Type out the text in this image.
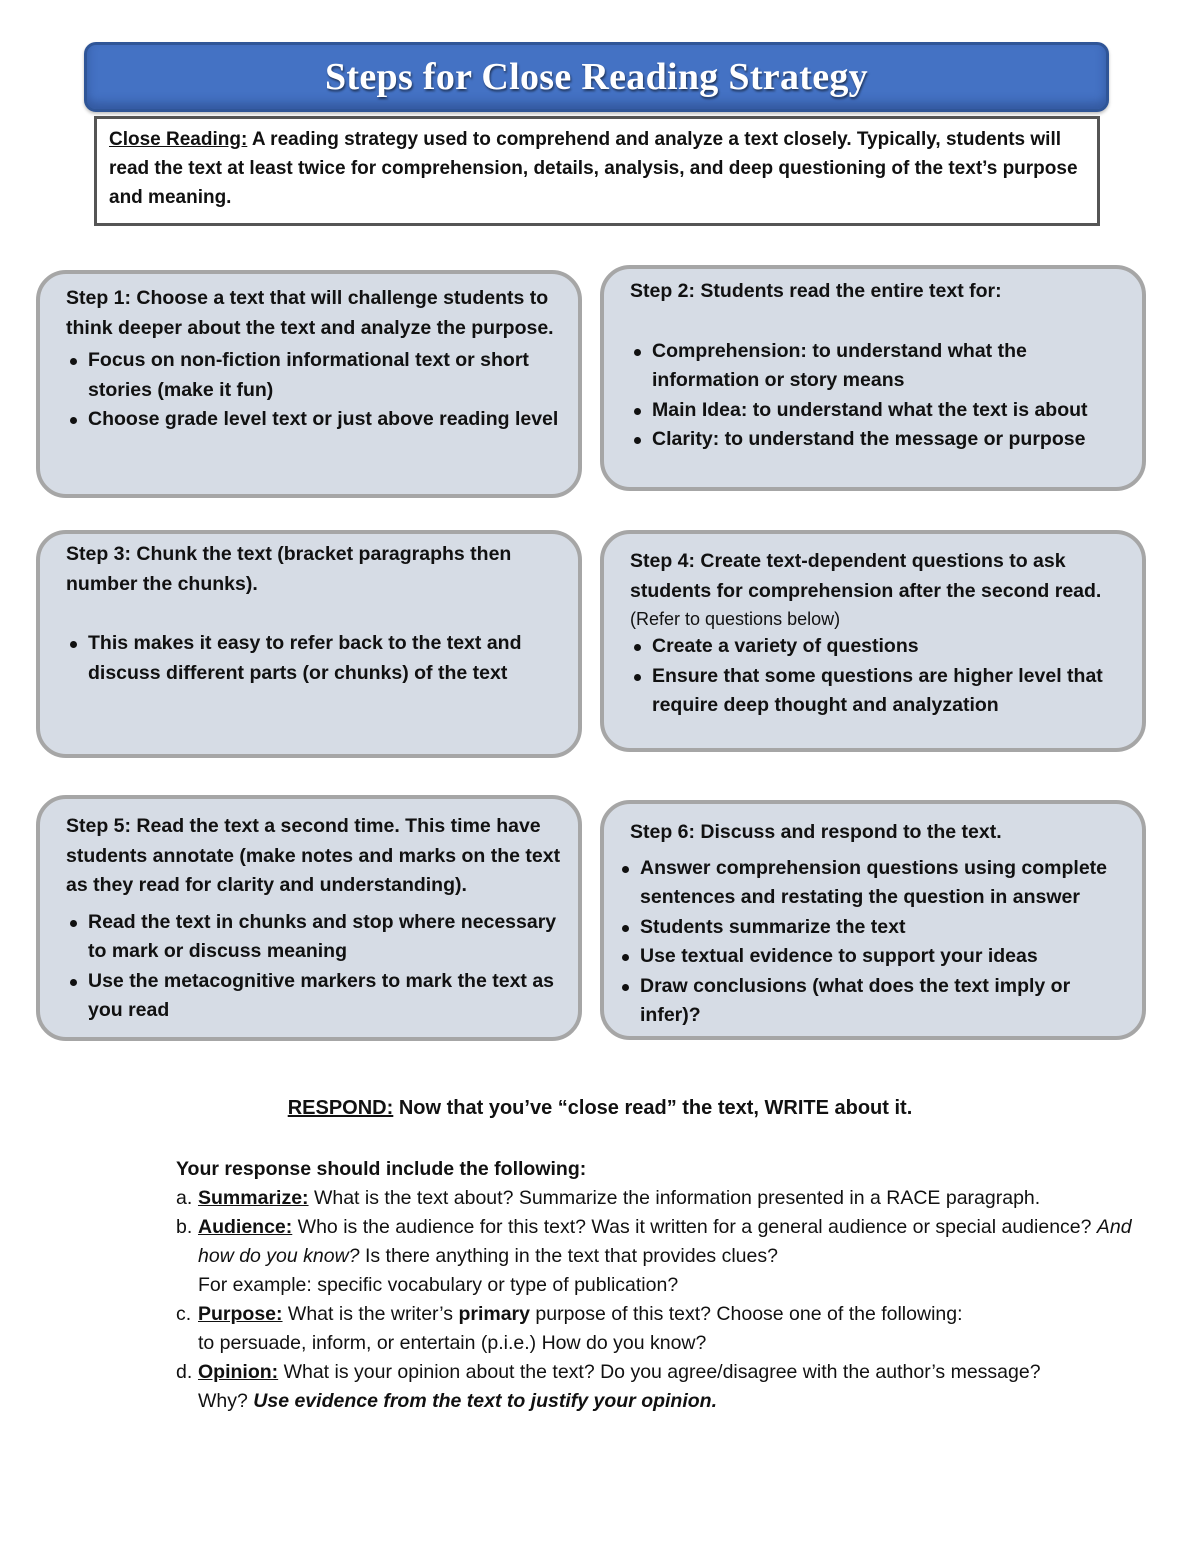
Steps for Close Reading Strategy
Close Reading: A reading strategy used to comprehend and analyze a text closely. Typically, students will read the text at least twice for comprehension, details, analysis, and deep questioning of the text’s purpose and meaning.

Step 1: Choose a text that will challenge students to think deeper about the text and analyze the purpose.

Focus on non-fiction informational text or short stories (make it fun)
Choose grade level text or just above reading level

Step 2: Students read the entire text for:

Comprehension: to understand what the information or story means
Main Idea: to understand what the text is about
Clarity: to understand the message or purpose

Step 3: Chunk the text (bracket paragraphs then number the chunks).

This makes it easy to refer back to the text and discuss different parts (or chunks) of the text

Step 4: Create text-dependent questions to ask students for comprehension after the second read.

(Refer to questions below)

Create a variety of questions
Ensure that some questions are higher level that require deep thought and analyzation

Step 5: Read the text a second time. This time have students annotate (make notes and marks on the text as they read for clarity and understanding).

Read the text in chunks and stop where necessary to mark or discuss meaning
Use the metacognitive markers to mark the text as you read

Step 6: Discuss and respond to the text.

Answer comprehension questions using complete sentences and restating the question in answer
Students summarize the text
Use textual evidence to support your ideas
Draw conclusions (what does the text imply or infer)?
RESPOND: Now that you’ve “close read” the text, WRITE about it.
Your response should include the following:
a. Summarize: What is the text about? Summarize the information presented in a RACE paragraph.
b. Audience: Who is the audience for this text? Was it written for a general audience or special audience? And how do you know? Is there anything in the text that provides clues?
For example: specific vocabulary or type of publication?
c. Purpose: What is the writer’s primary purpose of this text? Choose one of the following:
to persuade, inform, or entertain (p.i.e.) How do you know?
d. Opinion: What is your opinion about the text? Do you agree/disagree with the author’s message?
Why? Use evidence from the text to justify your opinion.
